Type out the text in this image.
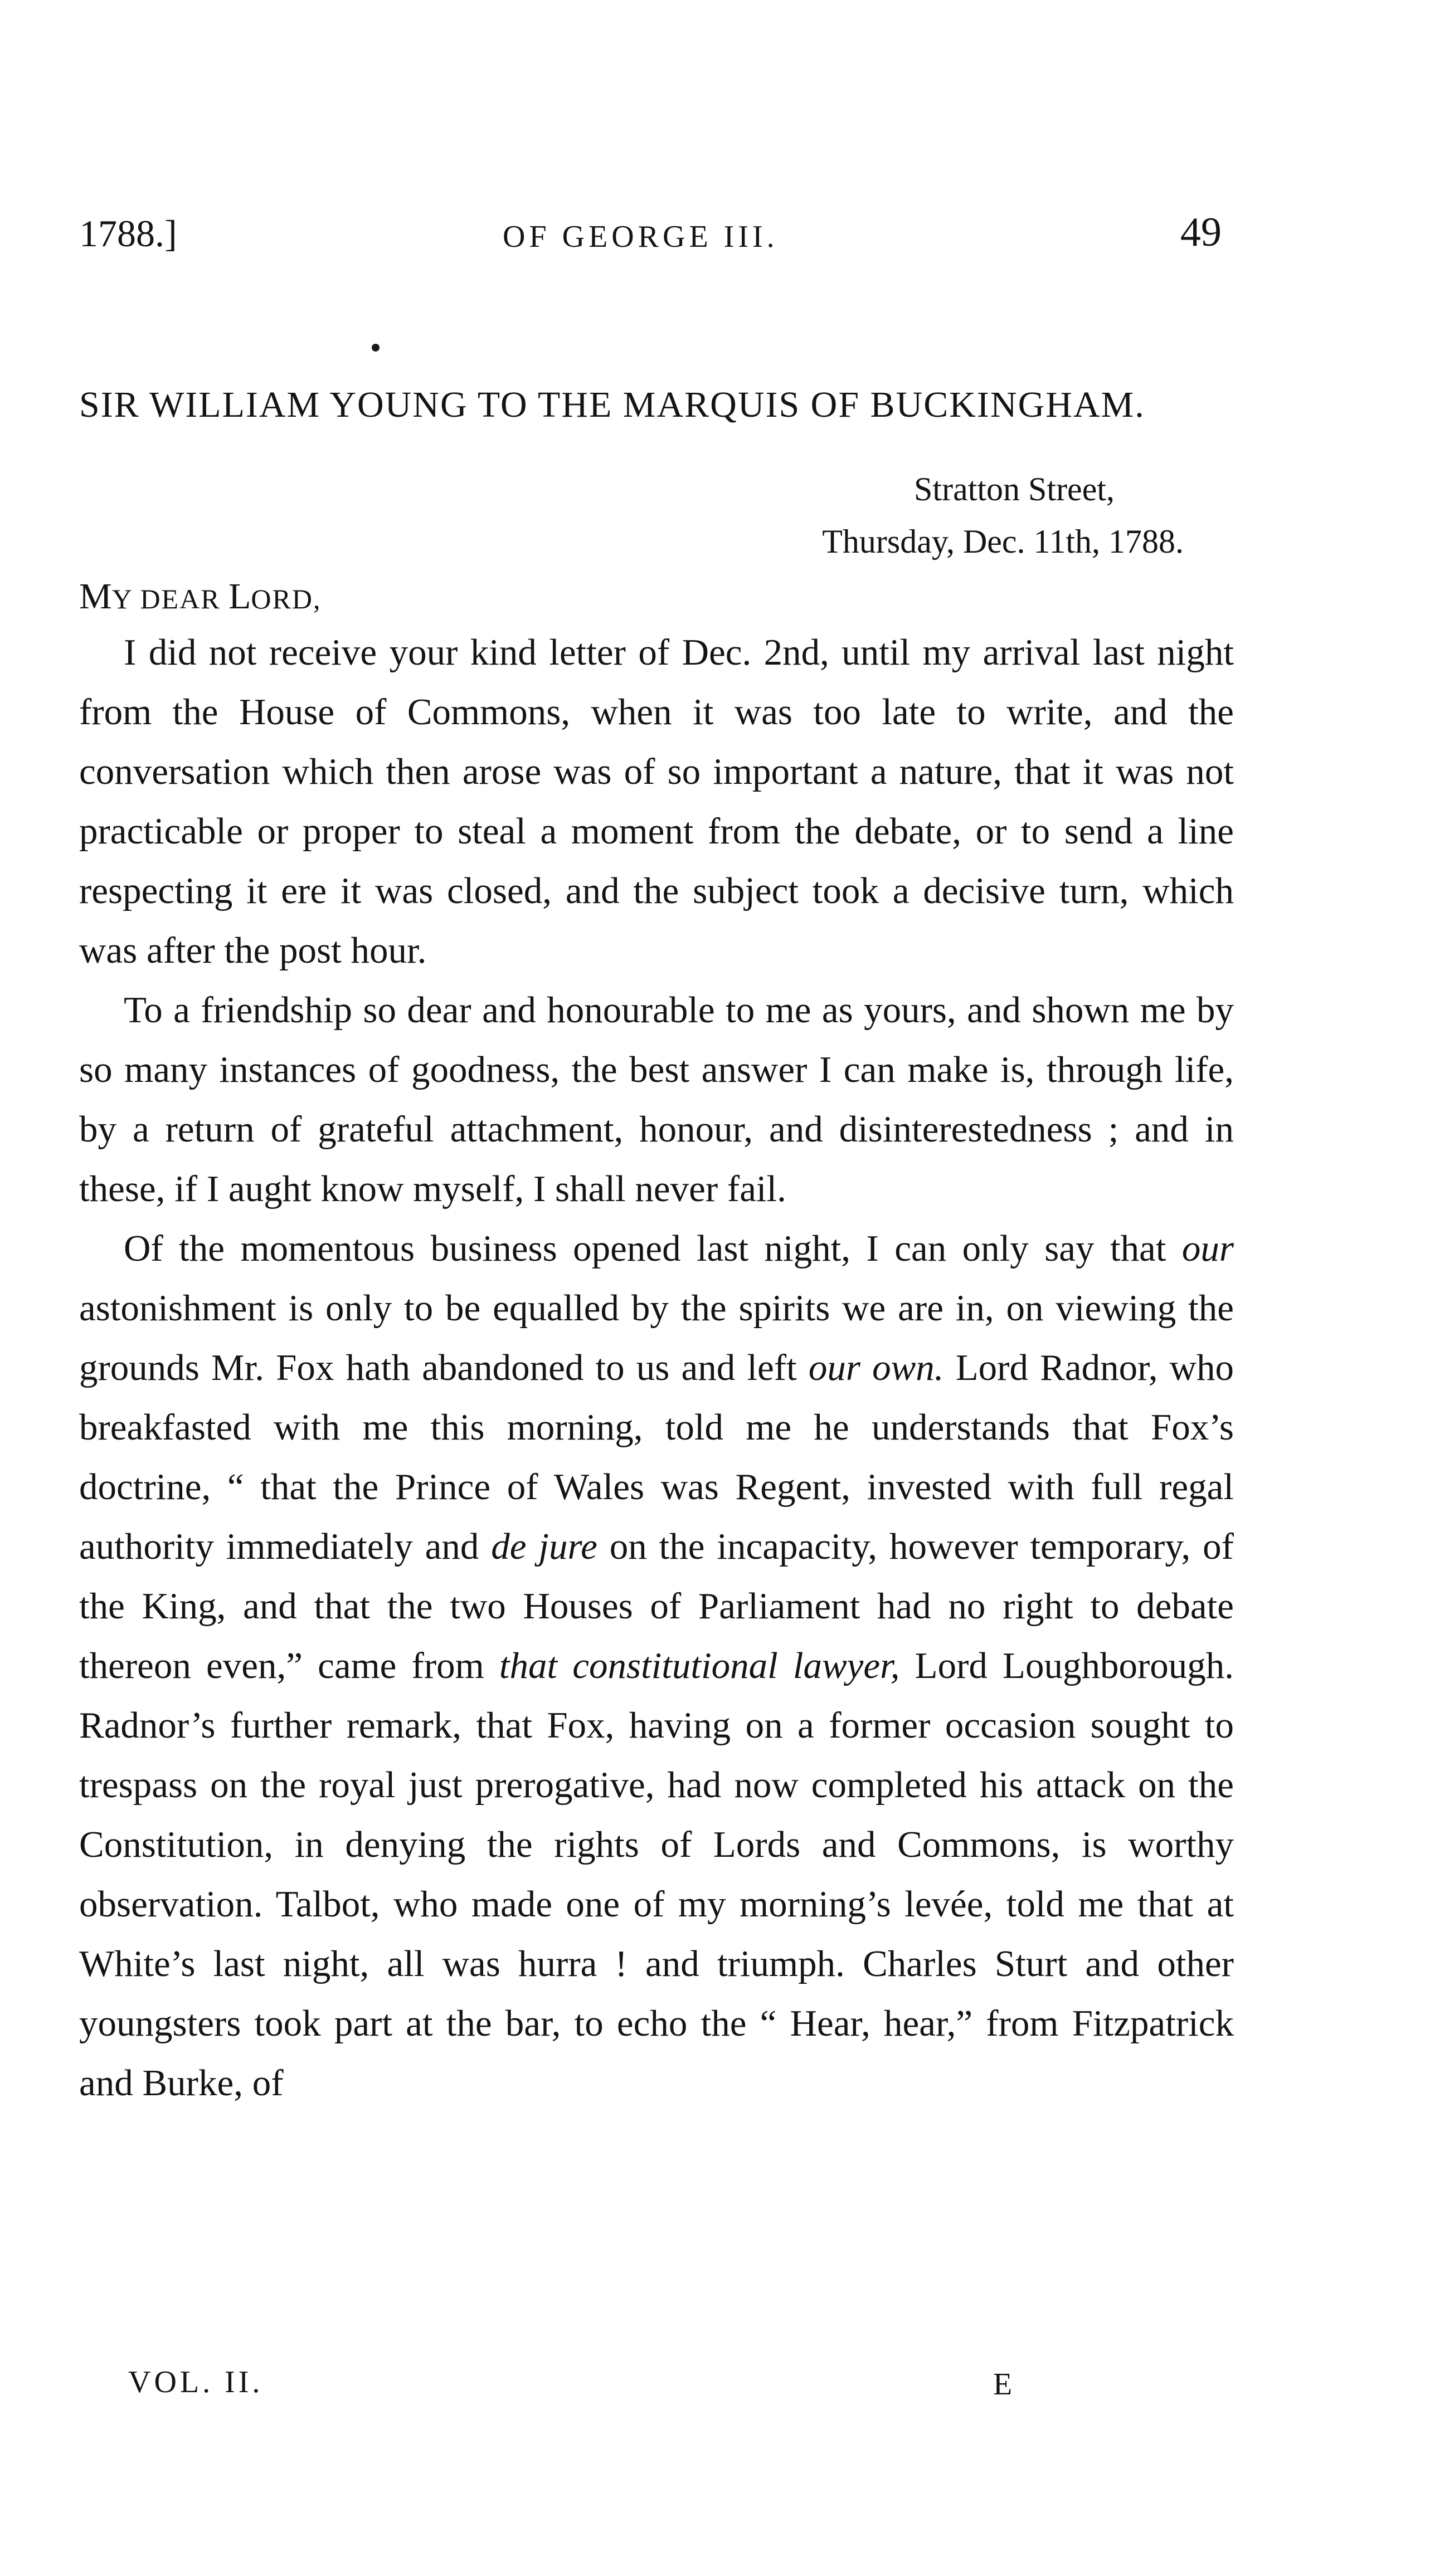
1788.]	OF GEORGE III.	49
SIR WILLIAM YOUNG TO THE MARQUIS OF BUCKINGHAM.
Stratton Street,
Thursday, Dec. 11th, 1788.
MY DEAR LORD,

I did not receive your kind letter of Dec. 2nd, until my arrival last night from the House of Commons, when it was too late to write, and the conversation which then arose was of so important a nature, that it was not practicable or proper to steal a moment from the debate, or to send a line respecting it ere it was closed, and the subject took a decisive turn, which was after the post hour.

To a friendship so dear and honourable to me as yours, and shown me by so many instances of goodness, the best answer I can make is, through life, by a return of grateful attachment, honour, and disinterestedness ; and in these, if I aught know myself, I shall never fail.

Of the momentous business opened last night, I can only say that our astonishment is only to be equalled by the spirits we are in, on viewing the grounds Mr. Fox hath abandoned to us and left our own. Lord Radnor, who breakfasted with me this morning, told me he understands that Fox’s doctrine, “ that the Prince of Wales was Regent, invested with full regal authority immediately and de jure on the incapacity, however temporary, of the King, and that the two Houses of Parliament had no right to debate thereon even,” came from that constitutional lawyer, Lord Loughborough. Radnor’s further remark, that Fox, having on a former occasion sought to trespass on the royal just prerogative, had now completed his attack on the Constitution, in denying the rights of Lords and Commons, is worthy observation. Talbot, who made one of my morning’s levée, told me that at White’s last night, all was hurra ! and triumph. Charles Sturt and other youngsters took part at the bar, to echo the “ Hear, hear,” from Fitzpatrick and Burke, of

VOL. II.	E
